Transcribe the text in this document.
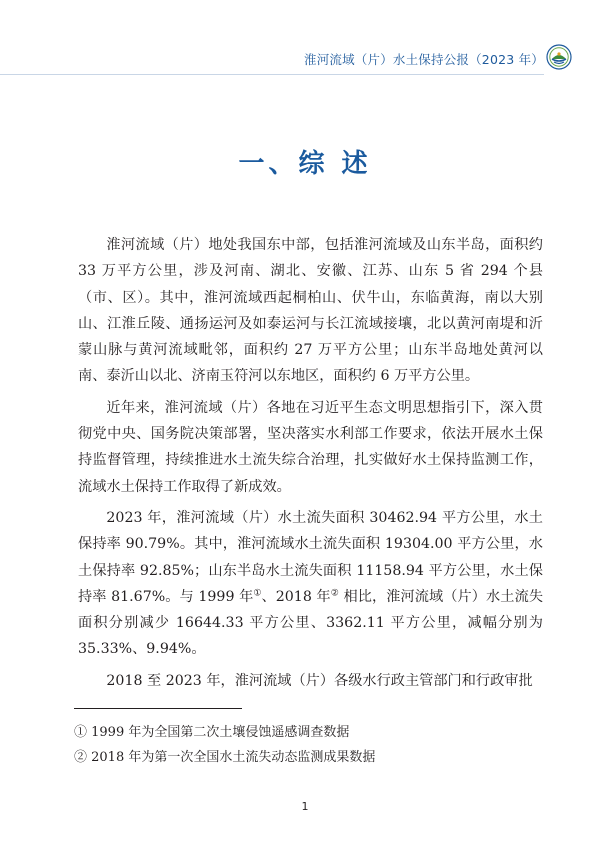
淮河流域（片）水土保持公报（2023 年）
一、综 述

淮河流域（片）地处我国东中部，包括淮河流域及山东半岛，面积约33 万平方公里，涉及河南、湖北、安徽、江苏、山东 5 省 294 个县（市、区）。其中，淮河流域西起桐柏山、伏牛山，东临黄海，南以大别山、江淮丘陵、通扬运河及如泰运河与长江流域接壤，北以黄河南堤和沂蒙山脉与黄河流域毗邻，面积约 27 万平方公里；山东半岛地处黄河以南、泰沂山以北、济南玉符河以东地区，面积约 6 万平方公里。

近年来，淮河流域（片）各地在习近平生态文明思想指引下，深入贯彻党中央、国务院决策部署，坚决落实水利部工作要求，依法开展水土保持监督管理，持续推进水土流失综合治理，扎实做好水土保持监测工作，流域水土保持工作取得了新成效。

2023 年，淮河流域（片）水土流失面积 30462.94 平方公里，水土保持率 90.79%。其中，淮河流域水土流失面积 19304.00 平方公里，水土保持率 92.85%；山东半岛水土流失面积 11158.94 平方公里，水土保持率 81.67%。与 1999 年①、2018 年② 相比，淮河流域（片）水土流失面积分别减少 16644.33 平方公里、3362.11 平方公里，减幅分别为 35.33%、9.94%。

2018 至 2023 年，淮河流域（片）各级水行政主管部门和行政审批

① 1999 年为全国第二次土壤侵蚀遥感调查数据
② 2018 年为第一次全国水土流失动态监测成果数据
1
